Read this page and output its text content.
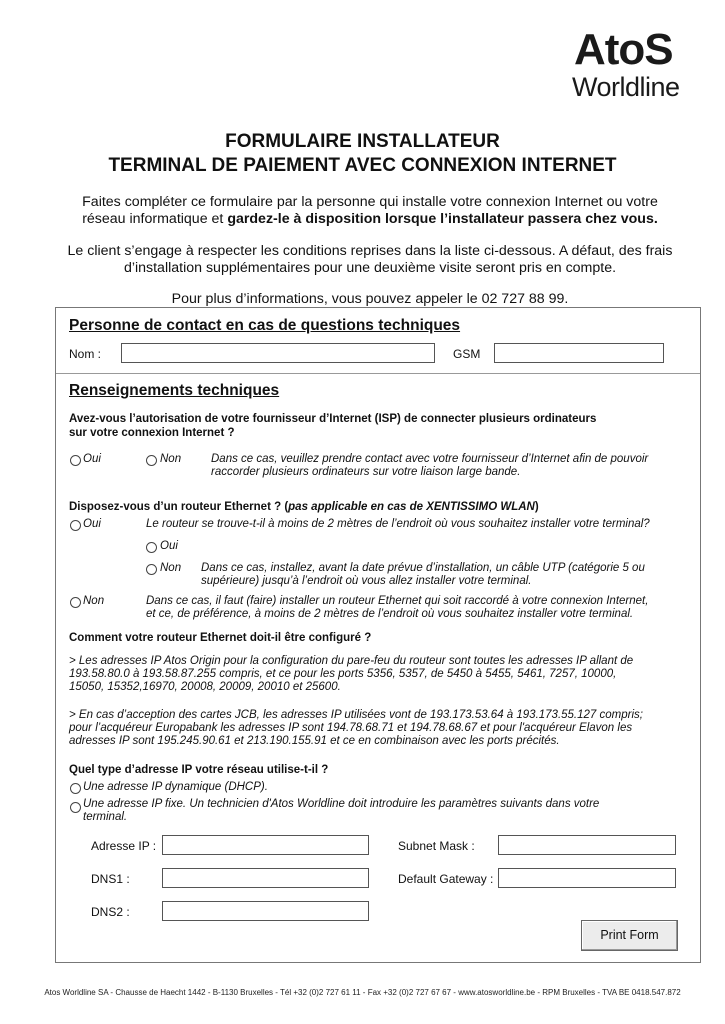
AtoS
Worldline
FORMULAIRE INSTALLATEUR
TERMINAL DE PAIEMENT AVEC CONNEXION INTERNET
Faites compléter ce formulaire par la personne qui installe votre connexion Internet ou votre
réseau informatique et gardez-le à disposition lorsque l’installateur passera chez vous.
Le client s’engage à respecter les conditions reprises dans la liste ci-dessous. A défaut, des frais
d’installation supplémentaires pour une deuxième visite seront pris en compte.
Pour plus d’informations, vous pouvez appeler le 02 727 88 99.
Personne de contact en cas de questions techniques
Nom :	GSM
Renseignements techniques
Avez-vous l’autorisation de votre fournisseur d’Internet (ISP) de connecter plusieurs ordinateurs
sur votre connexion Internet ?
Oui	Non	Dans ce cas, veuillez prendre contact avec votre fournisseur d’Internet afin de pouvoir
raccorder plusieurs ordinateurs sur votre liaison large bande.
Disposez-vous d’un routeur Ethernet ? (pas applicable en cas de XENTISSIMO WLAN)
Oui	Le routeur se trouve-t-il à moins de 2 mètres de l’endroit où vous souhaitez installer votre terminal?
Oui
Non Dans ce cas, installez, avant la date prévue d’installation, un câble UTP (catégorie 5 ou
supérieure) jusqu’à l’endroit où vous allez installer votre terminal.
Non	Dans ce cas, il faut (faire) installer un routeur Ethernet qui soit raccordé à votre connexion Internet,
et ce, de préférence, à moins de 2 mètres de l’endroit où vous souhaitez installer votre terminal.
Comment votre routeur Ethernet doit-il être configuré ?
> Les adresses IP Atos Origin pour la configuration du pare-feu du routeur sont toutes les adresses IP allant de
193.58.80.0 à 193.58.87.255 compris, et ce pour les ports 5356, 5357, de 5450 à 5455, 5461, 7257, 10000,
15050, 15352,16970, 20008, 20009, 20010 et 25600.
> En cas d’acception des cartes JCB, les adresses IP utilisées vont de 193.173.53.64 à 193.173.55.127 compris;
pour l’acquéreur Europabank les adresses IP sont 194.78.68.71 et 194.78.68.67 et pour l'acquéreur Elavon les
adresses IP sont 195.245.90.61 et 213.190.155.91 et ce en combinaison avec les ports précités.
Quel type d’adresse IP votre réseau utilise-t-il ?
Une adresse IP dynamique (DHCP).
Une adresse IP fixe. Un technicien d'Atos Worldline doit introduire les paramètres suivants dans votre
terminal.
Adresse IP :	Subnet Mask :
DNS1 :	Default Gateway :
DNS2 :
Print Form
Atos Worldline SA - Chausse de Haecht 1442 - B-1130 Bruxelles - Tél +32 (0)2 727 61 11 - Fax +32 (0)2 727 67 67 - www.atosworldline.be - RPM Bruxelles - TVA BE 0418.547.872
